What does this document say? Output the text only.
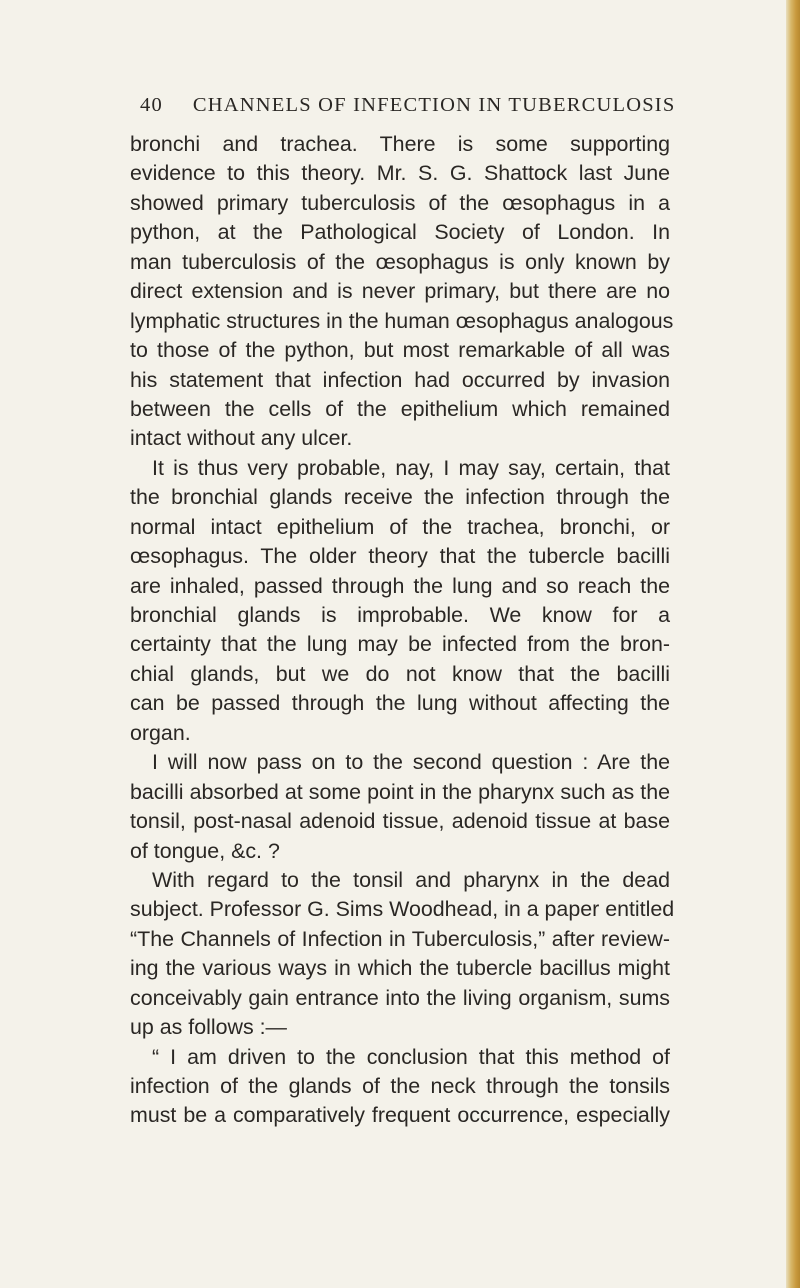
40 CHANNELS OF INFECTION IN TUBERCULOSIS
bronchi and trachea. There is some supporting
evidence to this theory. Mr. S. G. Shattock last June
showed primary tuberculosis of the œsophagus in a
python, at the Pathological Society of London. In
man tuberculosis of the œsophagus is only known by
direct extension and is never primary, but there are no
lymphatic structures in the human œsophagus analogous
to those of the python, but most remarkable of all was
his statement that infection had occurred by invasion
between the cells of the epithelium which remained
intact without any ulcer.
It is thus very probable, nay, I may say, certain, that
the bronchial glands receive the infection through the
normal intact epithelium of the trachea, bronchi, or
œsophagus. The older theory that the tubercle bacilli
are inhaled, passed through the lung and so reach the
bronchial glands is improbable. We know for a
certainty that the lung may be infected from the bron-
chial glands, but we do not know that the bacilli
can be passed through the lung without affecting the
organ.
I will now pass on to the second question : Are the
bacilli absorbed at some point in the pharynx such as the
tonsil, post-nasal adenoid tissue, adenoid tissue at base
of tongue, &c. ?
With regard to the tonsil and pharynx in the dead
subject. Professor G. Sims Woodhead, in a paper entitled
“The Channels of Infection in Tuberculosis,” after review-
ing the various ways in which the tubercle bacillus might
conceivably gain entrance into the living organism, sums
up as follows :—
“ I am driven to the conclusion that this method of
infection of the glands of the neck through the tonsils
must be a comparatively frequent occurrence, especially
